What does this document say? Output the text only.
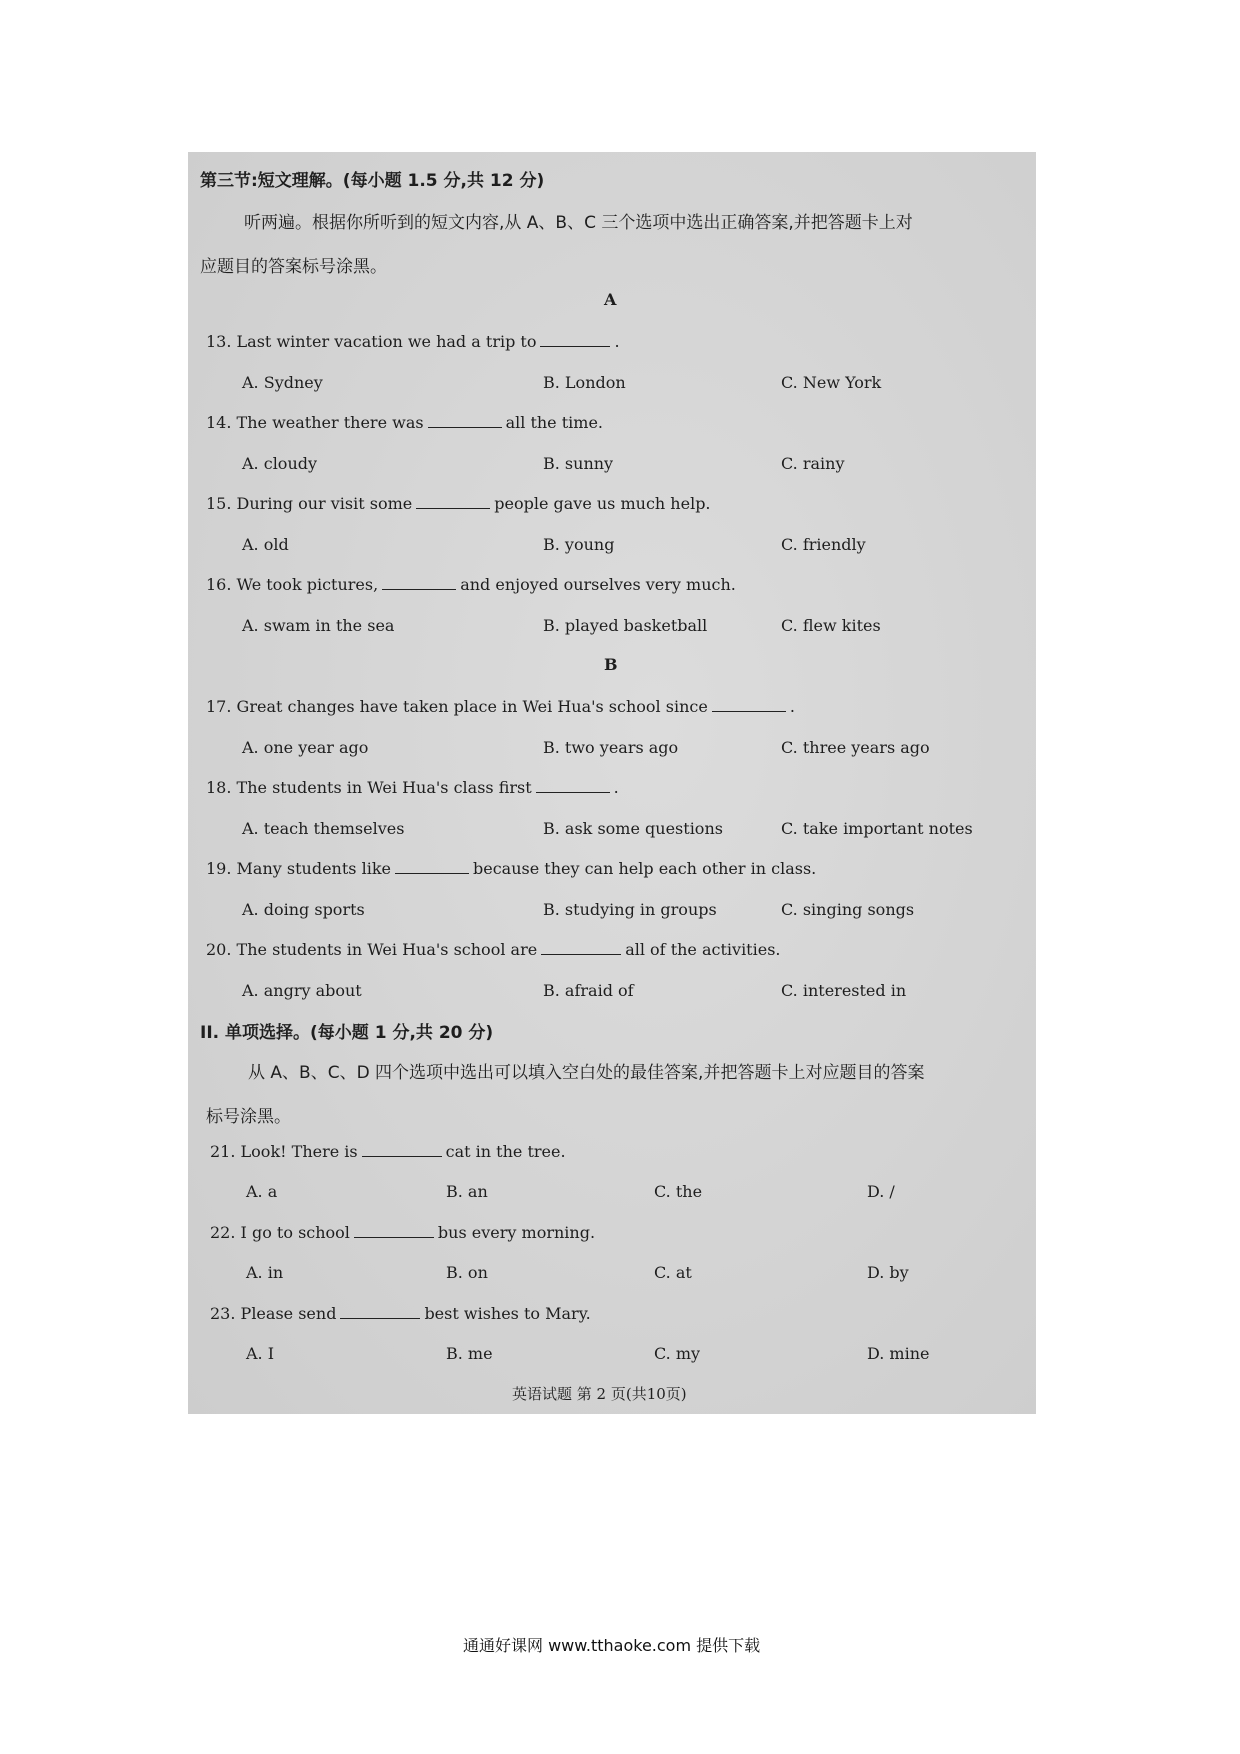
第三节:短文理解。(每小题 1.5 分,共 12 分)
听两遍。根据你所听到的短文内容,从 A、B、C 三个选项中选出正确答案,并把答题卡上对
应题目的答案标号涂黑。
A
13. Last winter vacation we had a trip to	.
A. Sydney	B. London	C. New York
14. The weather there was	all the time.
A. cloudy	B. sunny	C. rainy
15. During our visit some	people gave us much help.
A. old	B. young	C. friendly
16. We took pictures,	and enjoyed ourselves very much.
A. swam in the sea	B. played basketball	C. flew kites
B
17. Great changes have taken place in Wei Hua's school since	.
A. one year ago	B. two years ago	C. three years ago
18. The students in Wei Hua's class first	.
A. teach themselves	B. ask some questions	C. take important notes
19. Many students like	because they can help each other in class.
A. doing sports	B. studying in groups	C. singing songs
20. The students in Wei Hua's school are	all of the activities.
A. angry about	B. afraid of	C. interested in
II. 单项选择。(每小题 1 分,共 20 分)
从 A、B、C、D 四个选项中选出可以填入空白处的最佳答案,并把答题卡上对应题目的答案
标号涂黑。
21. Look! There is	cat in the tree.
A. a	B. an	C. the	D. /
22. I go to school	bus every morning.
A. in	B. on	C. at	D. by
23. Please send	best wishes to Mary.
A. I	B. me	C. my	D. mine
英语试题 第 2 页(共10页)
通通好课网 www.tthaoke.com 提供下载
